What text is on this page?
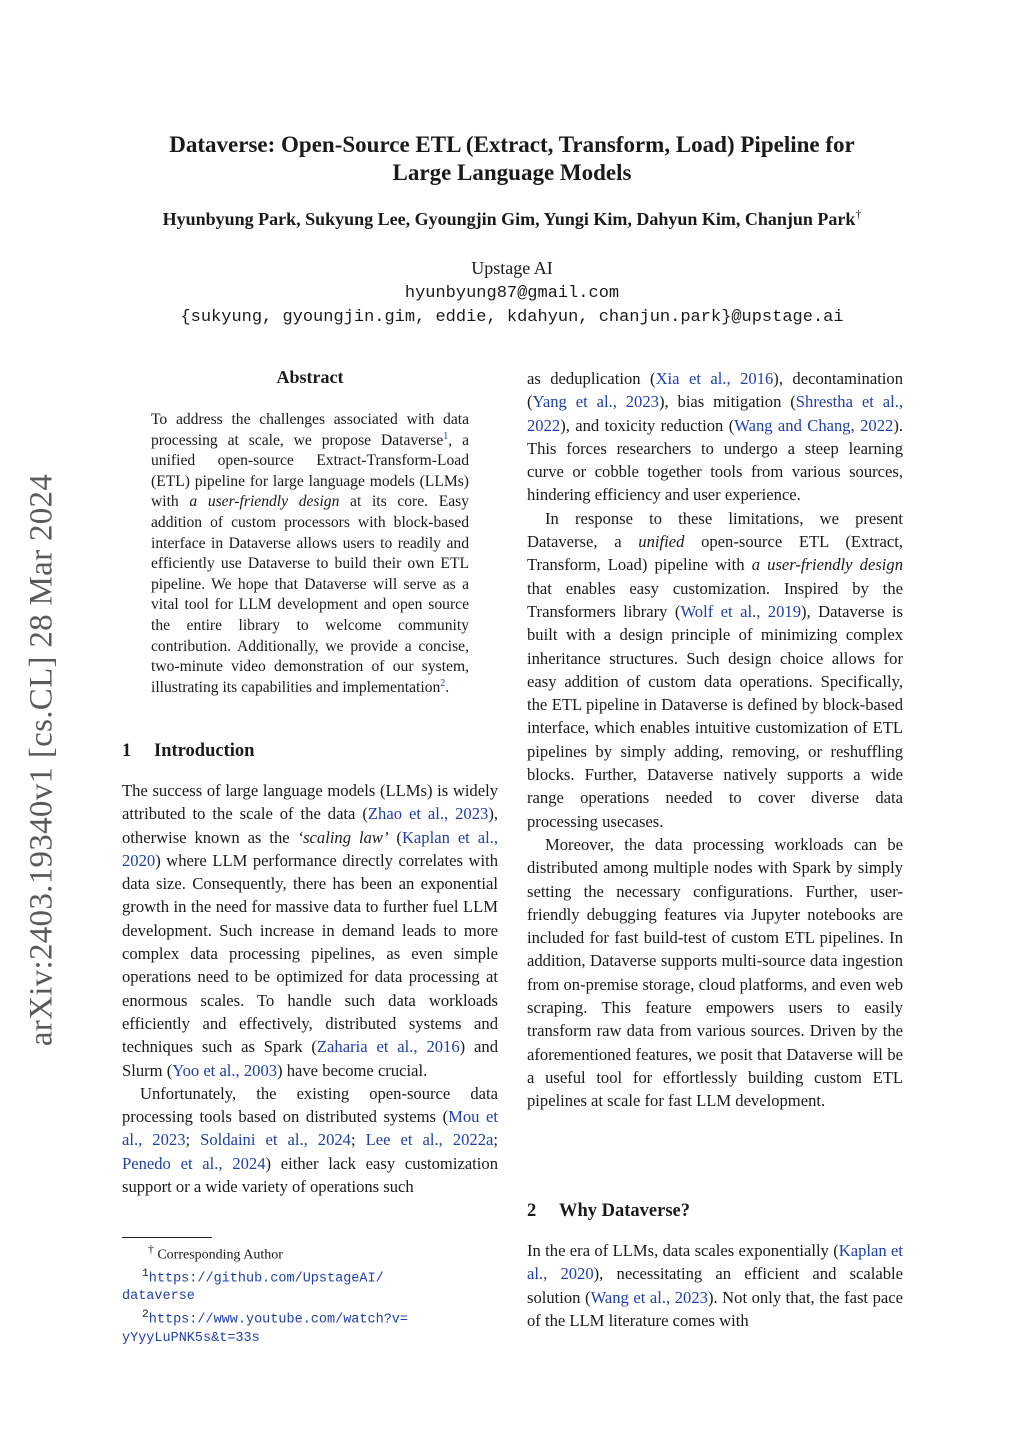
arXiv:2403.19340v1 [cs.CL] 28 Mar 2024
Dataverse: Open-Source ETL (Extract, Transform, Load) Pipeline for
Large Language Models
Hyunbyung Park, Sukyung Lee, Gyoungjin Gim, Yungi Kim, Dahyun Kim, Chanjun Park†
Upstage AI
hyunbyung87@gmail.com
{sukyung, gyoungjin.gim, eddie, kdahyun, chanjun.park}@upstage.ai
Abstract

To address the challenges associated with data processing at scale, we propose Dataverse$^1$, a unified open-source Extract-Transform-Load (ETL) pipeline for large language models (LLMs) with a user-friendly design at its core. Easy addition of custom processors with block-based interface in Dataverse allows users to readily and efficiently use Dataverse to build their own ETL pipeline. We hope that Dataverse will serve as a vital tool for LLM development and open source the entire library to welcome community contribution. Additionally, we provide a concise, two-minute video demonstration of our system, illustrating its capabilities and implementation$^2$.

1 Introduction

The success of large language models (LLMs) is widely attributed to the scale of the data (Zhao et al., 2023), otherwise known as the ‘scaling law’ (Kaplan et al., 2020) where LLM performance directly correlates with data size. Consequently, there has been an exponential growth in the need for massive data to further fuel LLM development. Such increase in demand leads to more complex data processing pipelines, as even simple operations need to be optimized for data processing at enormous scales. To handle such data workloads efficiently and effectively, distributed systems and techniques such as Spark (Zaharia et al., 2016) and Slurm (Yoo et al., 2003) have become crucial.

Unfortunately, the existing open-source data processing tools based on distributed systems (Mou et al., 2023; Soldaini et al., 2024; Lee et al., 2022a; Penedo et al., 2024) either lack easy customization support or a wide variety of operations such

as deduplication (Xia et al., 2016), decontamination (Yang et al., 2023), bias mitigation (Shrestha et al., 2022), and toxicity reduction (Wang and Chang, 2022). This forces researchers to undergo a steep learning curve or cobble together tools from various sources, hindering efficiency and user experience.

In response to these limitations, we present Dataverse, a unified open-source ETL (Extract, Transform, Load) pipeline with a user-friendly design that enables easy customization. Inspired by the Transformers library (Wolf et al., 2019), Dataverse is built with a design principle of minimizing complex inheritance structures. Such design choice allows for easy addition of custom data operations. Specifically, the ETL pipeline in Dataverse is defined by block-based interface, which enables intuitive customization of ETL pipelines by simply adding, removing, or reshuffling blocks. Further, Dataverse natively supports a wide range operations needed to cover diverse data processing usecases.

Moreover, the data processing workloads can be distributed among multiple nodes with Spark by simply setting the necessary configurations. Further, user-friendly debugging features via Jupyter notebooks are included for fast build-test of custom ETL pipelines. In addition, Dataverse supports multi-source data ingestion from on-premise storage, cloud platforms, and even web scraping. This feature empowers users to easily transform raw data from various sources. Driven by the aforementioned features, we posit that Dataverse will be a useful tool for effortlessly building custom ETL pipelines at scale for fast LLM development.

2 Why Dataverse?

In the era of LLMs, data scales exponentially (Kaplan et al., 2020), necessitating an efficient and scalable solution (Wang et al., 2023). Not only that, the fast pace of the LLM literature comes with

† Corresponding Author

$^1$https://github.com/UpstageAI/

dataverse

$^2$https://www.youtube.com/watch?v=

yYyyLuPNK5s&t=33s
